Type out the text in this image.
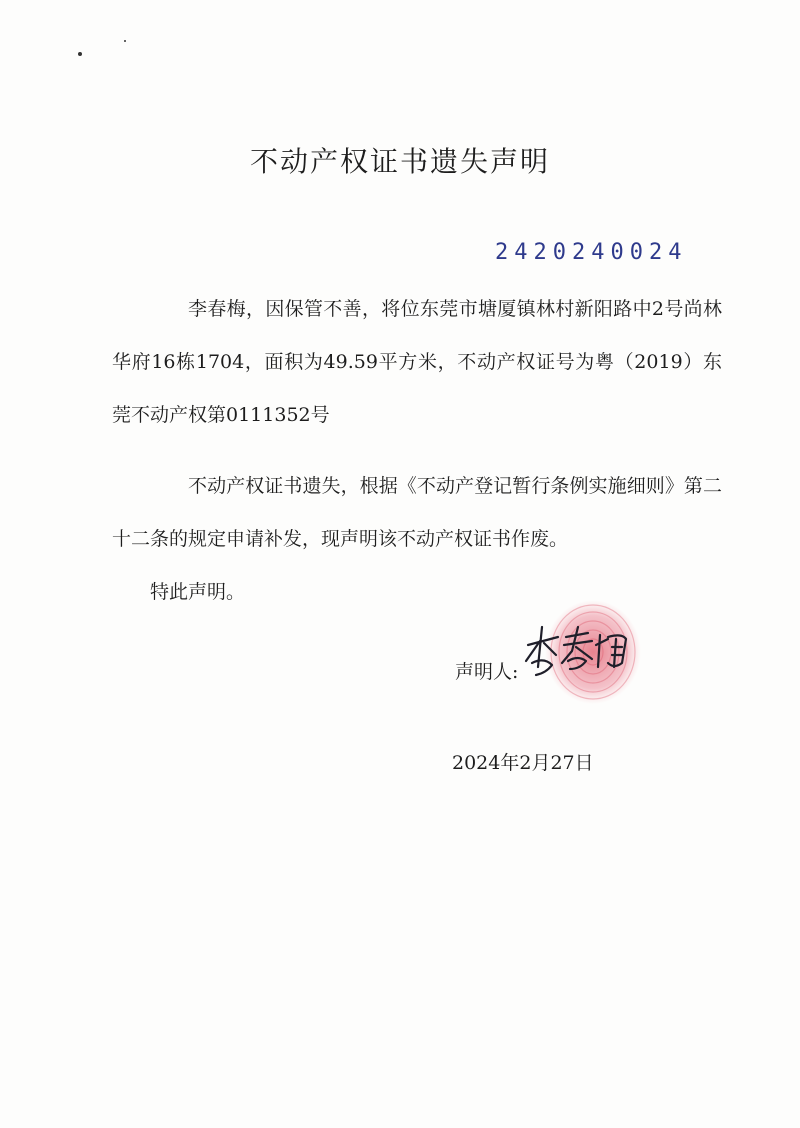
不动产权证书遗失声明
2420240024
李春梅，因保管不善，将位东莞市塘厦镇林村新阳路中2号尚林华府16栋1704，面积为49.59平方米，不动产权证号为粤（2019）东莞不动产权第0111352号
不动产权证书遗失，根据《不动产登记暂行条例实施细则》第二十二条的规定申请补发，现声明该不动产权证书作废。
特此声明。
声明人:
2024年2月27日
